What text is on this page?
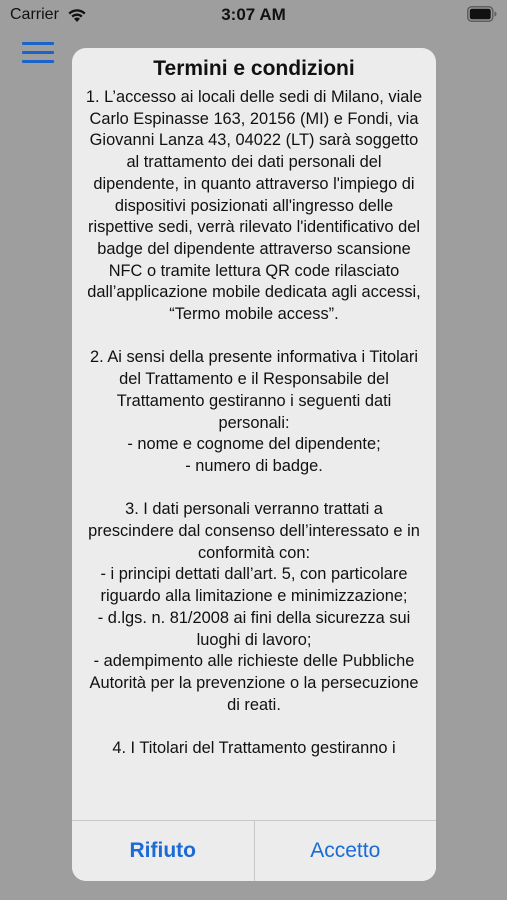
Carrier	3:07 AM
Termini e condizioni
1. L’accesso ai locali delle sedi di Milano, viale Carlo Espinasse 163, 20156 (MI) e Fondi, via Giovanni Lanza 43, 04022 (LT) sarà soggetto al trattamento dei dati personali del dipendente, in quanto attraverso l'impiego di dispositivi posizionati all'ingresso delle rispettive sedi, verrà rilevato l'identificativo del badge del dipendente attraverso scansione NFC o tramite lettura QR code rilasciato dall’applicazione mobile dedicata agli accessi, “Termo mobile access”.

2. Ai sensi della presente informativa i Titolari del Trattamento e il Responsabile del Trattamento gestiranno i seguenti dati personali:
- nome e cognome del dipendente;
- numero di badge.

3. I dati personali verranno trattati a prescindere dal consenso dell’interessato e in conformità con:
- i principi dettati dall’art. 5, con particolare riguardo alla limitazione e minimizzazione;
- d.lgs. n. 81/2008 ai fini della sicurezza sui luoghi di lavoro;
- adempimento alle richieste delle Pubbliche Autorità per la prevenzione o la persecuzione di reati.

4. I Titolari del Trattamento gestiranno i
Rifiuto	Accetto
